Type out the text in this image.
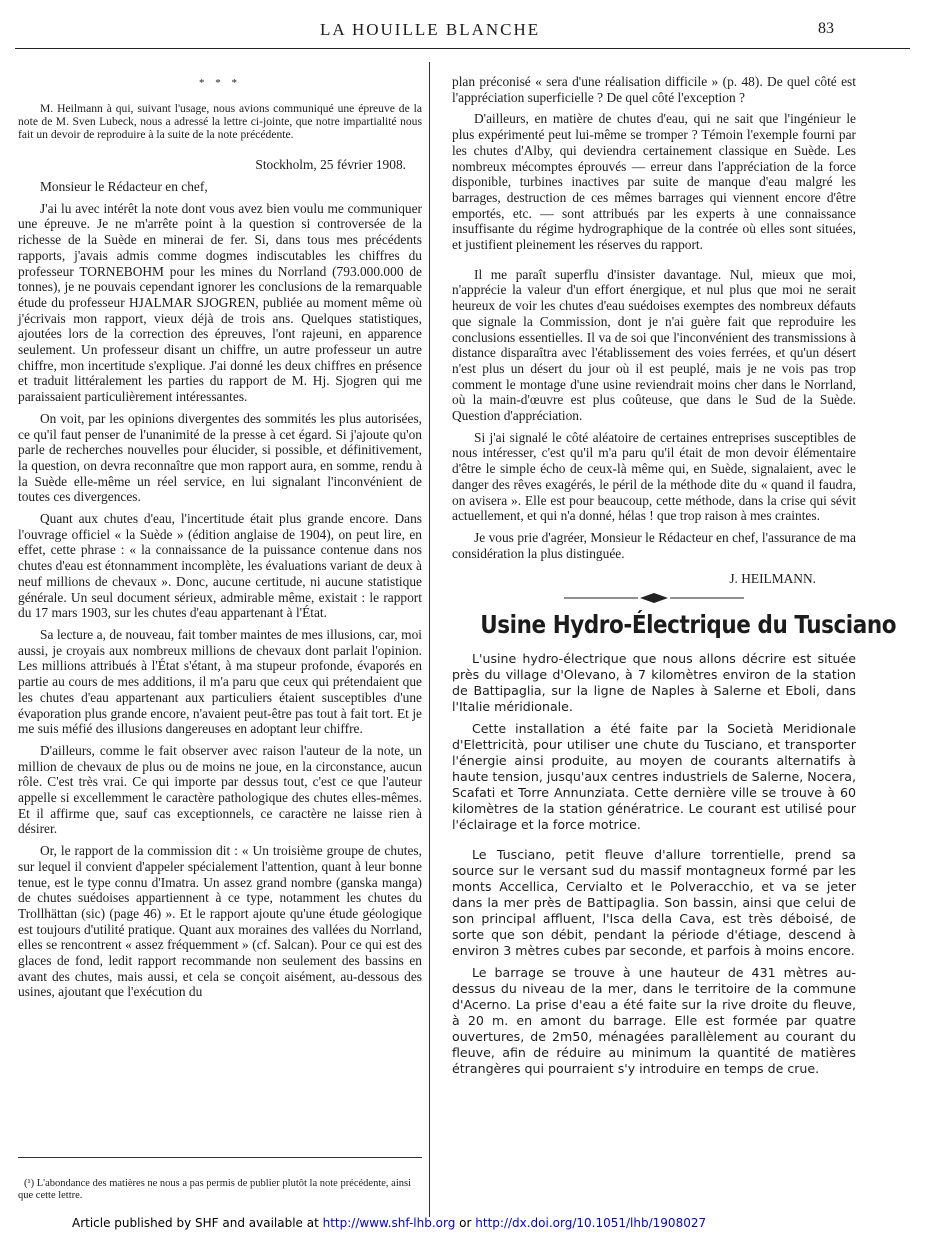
LA HOUILLE BLANCHE	83
* * *

M. Heilmann à qui, suivant l'usage, nous avions communiqué une épreuve de la note de M. Sven Lubeck, nous a adressé la lettre ci-jointe, que notre impartialité nous fait un devoir de reproduire à la suite de la note précédente.

Stockholm, 25 février 1908.

Monsieur le Rédacteur en chef,

J'ai lu avec intérêt la note dont vous avez bien voulu me communiquer une épreuve. Je ne m'arrête point à la question si controversée de la richesse de la Suède en minerai de fer. Si, dans tous mes précédents rapports, j'avais admis comme dogmes indiscutables les chiffres du professeur TORNEBOHM pour les mines du Norrland (793.000.000 de tonnes), je ne pouvais cependant ignorer les conclusions de la remarquable étude du professeur HJALMAR SJOGREN, publiée au moment même où j'écrivais mon rapport, vieux déjà de trois ans. Quelques statistiques, ajoutées lors de la correction des épreuves, l'ont rajeuni, en apparence seulement. Un professeur disant un chiffre, un autre professeur un autre chiffre, mon incertitude s'explique. J'ai donné les deux chiffres en présence et traduit littéralement les parties du rapport de M. Hj. Sjogren qui me paraissaient particulièrement intéressantes.

On voit, par les opinions divergentes des sommités les plus autorisées, ce qu'il faut penser de l'unanimité de la presse à cet égard. Si j'ajoute qu'on parle de recherches nouvelles pour élucider, si possible, et définitivement, la question, on devra reconnaître que mon rapport aura, en somme, rendu à la Suède elle-même un réel service, en lui signalant l'inconvénient de toutes ces divergences.

Quant aux chutes d'eau, l'incertitude était plus grande encore. Dans l'ouvrage officiel « la Suède » (édition anglaise de 1904), on peut lire, en effet, cette phrase : « la connaissance de la puissance contenue dans nos chutes d'eau est étonnamment incomplète, les évaluations variant de deux à neuf millions de chevaux ». Donc, aucune certitude, ni aucune statistique générale. Un seul document sérieux, admirable même, existait : le rapport du 17 mars 1903, sur les chutes d'eau appartenant à l'État.

Sa lecture a, de nouveau, fait tomber maintes de mes illusions, car, moi aussi, je croyais aux nombreux millions de chevaux dont parlait l'opinion. Les millions attribués à l'État s'étant, à ma stupeur profonde, évaporés en partie au cours de mes additions, il m'a paru que ceux qui prétendaient que les chutes d'eau appartenant aux particuliers étaient susceptibles d'une évaporation plus grande encore, n'avaient peut-être pas tout à fait tort. Et je me suis méfié des illusions dangereuses en adoptant leur chiffre.

D'ailleurs, comme le fait observer avec raison l'auteur de la note, un million de chevaux de plus ou de moins ne joue, en la circonstance, aucun rôle. C'est très vrai. Ce qui importe par dessus tout, c'est ce que l'auteur appelle si excellemment le caractère pathologique des chutes elles-mêmes. Et il affirme que, sauf cas exceptionnels, ce caractère ne laisse rien à désirer.

Or, le rapport de la commission dit : « Un troisième groupe de chutes, sur lequel il convient d'appeler spécialement l'attention, quant à leur bonne tenue, est le type connu d'Imatra. Un assez grand nombre (ganska manga) de chutes suédoises appartiennent à ce type, notamment les chutes du Trollhättan (sic) (page 46) ». Et le rapport ajoute qu'une étude géologique est toujours d'utilité pratique. Quant aux moraines des vallées du Norrland, elles se rencontrent « assez fréquemment » (cf. Salcan). Pour ce qui est des glaces de fond, ledit rapport recommande non seulement des bassins en avant des chutes, mais aussi, et cela se conçoit aisément, au-dessous des usines, ajoutant que l'exécution du

(¹) L'abondance des matières ne nous a pas permis de publier plutôt la note précédente, ainsi que cette lettre.

plan préconisé « sera d'une réalisation difficile » (p. 48). De quel côté est l'appréciation superficielle ? De quel côté l'exception ?

D'ailleurs, en matière de chutes d'eau, qui ne sait que l'ingénieur le plus expérimenté peut lui-même se tromper ? Témoin l'exemple fourni par les chutes d'Alby, qui deviendra certainement classique en Suède. Les nombreux mécomptes éprouvés — erreur dans l'appréciation de la force disponible, turbines inactives par suite de manque d'eau malgré les barrages, destruction de ces mêmes barrages qui viennent encore d'être emportés, etc. — sont attribués par les experts à une connaissance insuffisante du régime hydrographique de la contrée où elles sont situées, et justifient pleinement les réserves du rapport.

Il me paraît superflu d'insister davantage. Nul, mieux que moi, n'apprécie la valeur d'un effort énergique, et nul plus que moi ne serait heureux de voir les chutes d'eau suédoises exemptes des nombreux défauts que signale la Commission, dont je n'ai guère fait que reproduire les conclusions essentielles. Il va de soi que l'inconvénient des transmissions à distance disparaîtra avec l'établissement des voies ferrées, et qu'un désert n'est plus un désert du jour où il est peuplé, mais je ne vois pas trop comment le montage d'une usine reviendrait moins cher dans le Norrland, où la main-d'œuvre est plus coûteuse, que dans le Sud de la Suède. Question d'appréciation.

Si j'ai signalé le côté aléatoire de certaines entreprises susceptibles de nous intéresser, c'est qu'il m'a paru qu'il était de mon devoir élémentaire d'être le simple écho de ceux-là même qui, en Suède, signalaient, avec le danger des rêves exagérés, le péril de la méthode dite du « quand il faudra, on avisera ». Elle est pour beaucoup, cette méthode, dans la crise qui sévit actuellement, et qui n'a donné, hélas ! que trop raison à mes craintes.

Je vous prie d'agréer, Monsieur le Rédacteur en chef, l'assurance de ma considération la plus distinguée.

J. HEILMANN.

Usine Hydro-Électrique du Tusciano

L'usine hydro-électrique que nous allons décrire est située près du village d'Olevano, à 7 kilomètres environ de la station de Battipaglia, sur la ligne de Naples à Salerne et Eboli, dans l'Italie méridionale.

Cette installation a été faite par la Società Meridionale d'Elettricità, pour utiliser une chute du Tusciano, et transporter l'énergie ainsi produite, au moyen de courants alternatifs à haute tension, jusqu'aux centres industriels de Salerne, Nocera, Scafati et Torre Annunziata. Cette dernière ville se trouve à 60 kilomètres de la station génératrice. Le courant est utilisé pour l'éclairage et la force motrice.

Le Tusciano, petit fleuve d'allure torrentielle, prend sa source sur le versant sud du massif montagneux formé par les monts Accellica, Cervialto et le Polveracchio, et va se jeter dans la mer près de Battipaglia. Son bassin, ainsi que celui de son principal affluent, l'Isca della Cava, est très déboisé, de sorte que son débit, pendant la période d'étiage, descend à environ 3 mètres cubes par seconde, et parfois à moins encore.

Le barrage se trouve à une hauteur de 431 mètres au-dessus du niveau de la mer, dans le territoire de la commune d'Acerno. La prise d'eau a été faite sur la rive droite du fleuve, à 20 m. en amont du barrage. Elle est formée par quatre ouvertures, de 2m50, ménagées parallèlement au courant du fleuve, afin de réduire au minimum la quantité de matières étrangères qui pourraient s'y introduire en temps de crue.

Article published by SHF and available at http://www.shf-lhb.org or http://dx.doi.org/10.1051/lhb/1908027
